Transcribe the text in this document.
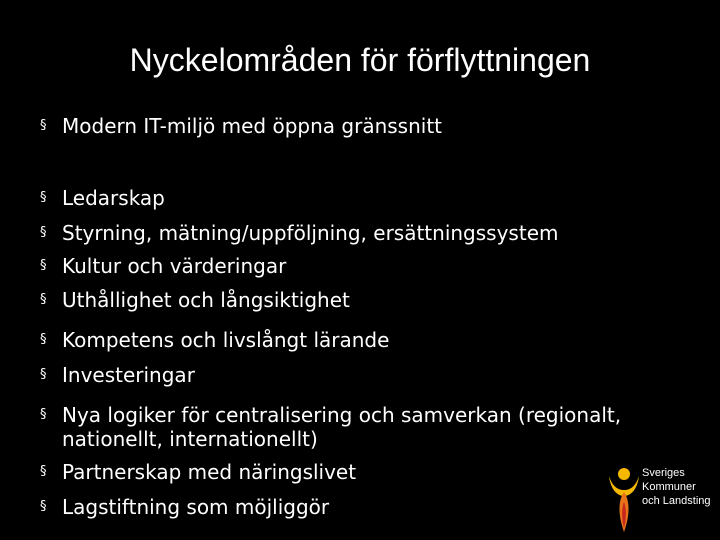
Nyckelområden för förflyttningen
§ Modern IT-miljö med öppna gränssnitt
§ Ledarskap
§ Styrning, mätning/uppföljning, ersättningssystem
§ Kultur och värderingar
§ Uthållighet och långsiktighet
§ Kompetens och livslångt lärande
§ Investeringar
§ Nya logiker för centralisering och samverkan (regionalt, nationellt, internationellt)
§ Partnerskap med näringslivet
§ Lagstiftning som möjliggör
Sveriges
Kommuner
och Landsting
